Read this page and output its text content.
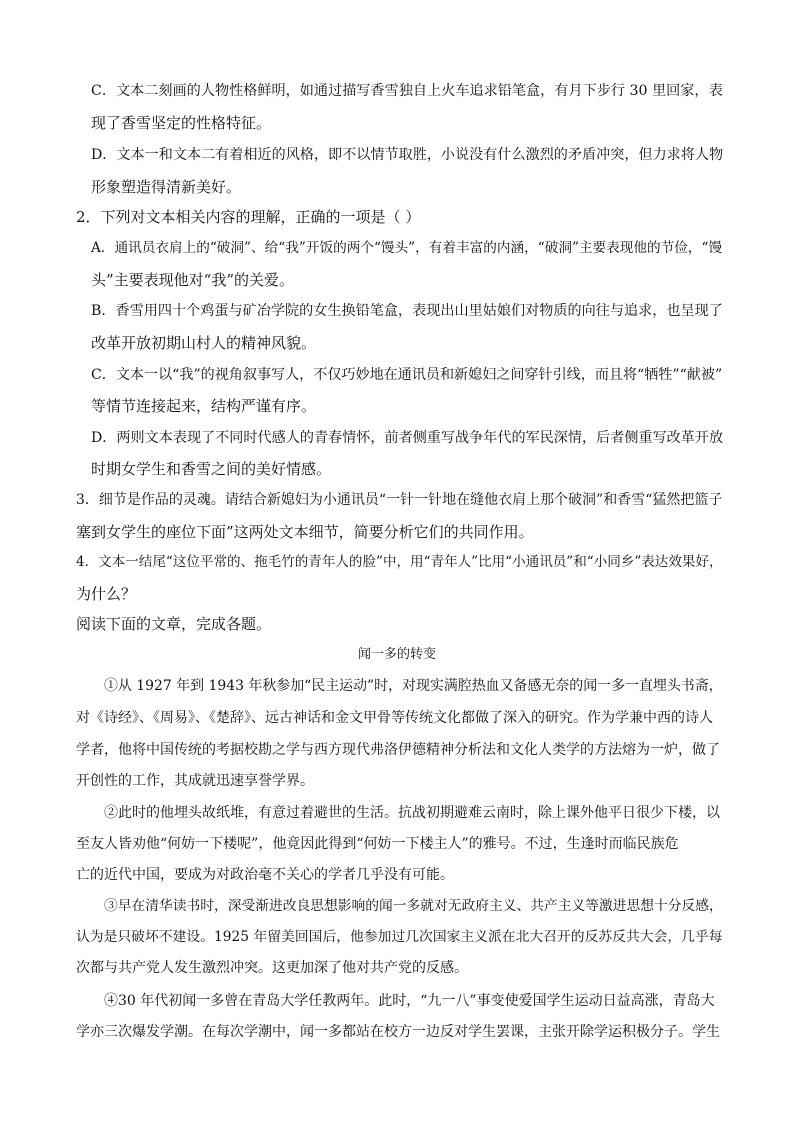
C．文本二刻画的人物性格鲜明，如通过描写香雪独自上火车追求铅笔盒，有月下步行 30 里回家，表
现了香雪坚定的性格特征。
D．文本一和文本二有着相近的风格，即不以情节取胜，小说没有什么激烈的矛盾冲突，但力求将人物
形象塑造得清新美好。
2．下列对文本相关内容的理解，正确的一项是（ ）
A．通讯员衣肩上的“破洞”、给“我”开饭的两个“馒头”，有着丰富的内涵，“破洞”主要表现他的节俭，“馒
头”主要表现他对“我”的关爱。
B．香雪用四十个鸡蛋与矿冶学院的女生换铅笔盒，表现出山里姑娘们对物质的向往与追求，也呈现了
改革开放初期山村人的精神风貌。
C．文本一以“我”的视角叙事写人，不仅巧妙地在通讯员和新媳妇之间穿针引线，而且将“牺牲”“献被”
等情节连接起来，结构严谨有序。
D．两则文本表现了不同时代感人的青春情怀，前者侧重写战争年代的军民深情，后者侧重写改革开放
时期女学生和香雪之间的美好情感。
3．细节是作品的灵魂。请结合新媳妇为小通讯员“一针一针地在缝他衣肩上那个破洞”和香雪“猛然把篮子
塞到女学生的座位下面”这两处文本细节，简要分析它们的共同作用。
4．文本一结尾“这位平常的、拖毛竹的青年人的脸”中，用“青年人”比用“小通讯员”和“小同乡”表达效果好，
为什么？
阅读下面的文章，完成各题。
闻一多的转变
①从 1927 年到 1943 年秋参加“民主运动”时，对现实满腔热血又备感无奈的闻一多一直埋头书斋，
对《诗经》、《周易》、《楚辞》、远古神话和金文甲骨等传统文化都做了深入的研究。作为学兼中西的诗人
学者，他将中国传统的考据校勘之学与西方现代弗洛伊德精神分析法和文化人类学的方法熔为一炉，做了
开创性的工作，其成就迅速享誉学界。
②此时的他埋头故纸堆，有意过着避世的生活。抗战初期避难云南时，除上课外他平日很少下楼，以
至友人皆劝他“何妨一下楼呢”，他竟因此得到“何妨一下楼主人”的雅号。不过，生逢时而临民族危
亡的近代中国，要成为对政治毫不关心的学者几乎没有可能。
③早在清华读书时，深受渐进改良思想影响的闻一多就对无政府主义、共产主义等激进思想十分反感，
认为是只破坏不建设。1925 年留美回国后，他参加过几次国家主义派在北大召开的反苏反共大会，几乎每
次都与共产党人发生激烈冲突。这更加深了他对共产党的反感。
④30 年代初闻一多曾在青岛大学任教两年。此时，“九一八”事变使爱国学生运动日益高涨，青岛大
学亦三次爆发学潮。在每次学潮中，闻一多都站在校方一边反对学生罢课，主张开除学运积极分子。学生
